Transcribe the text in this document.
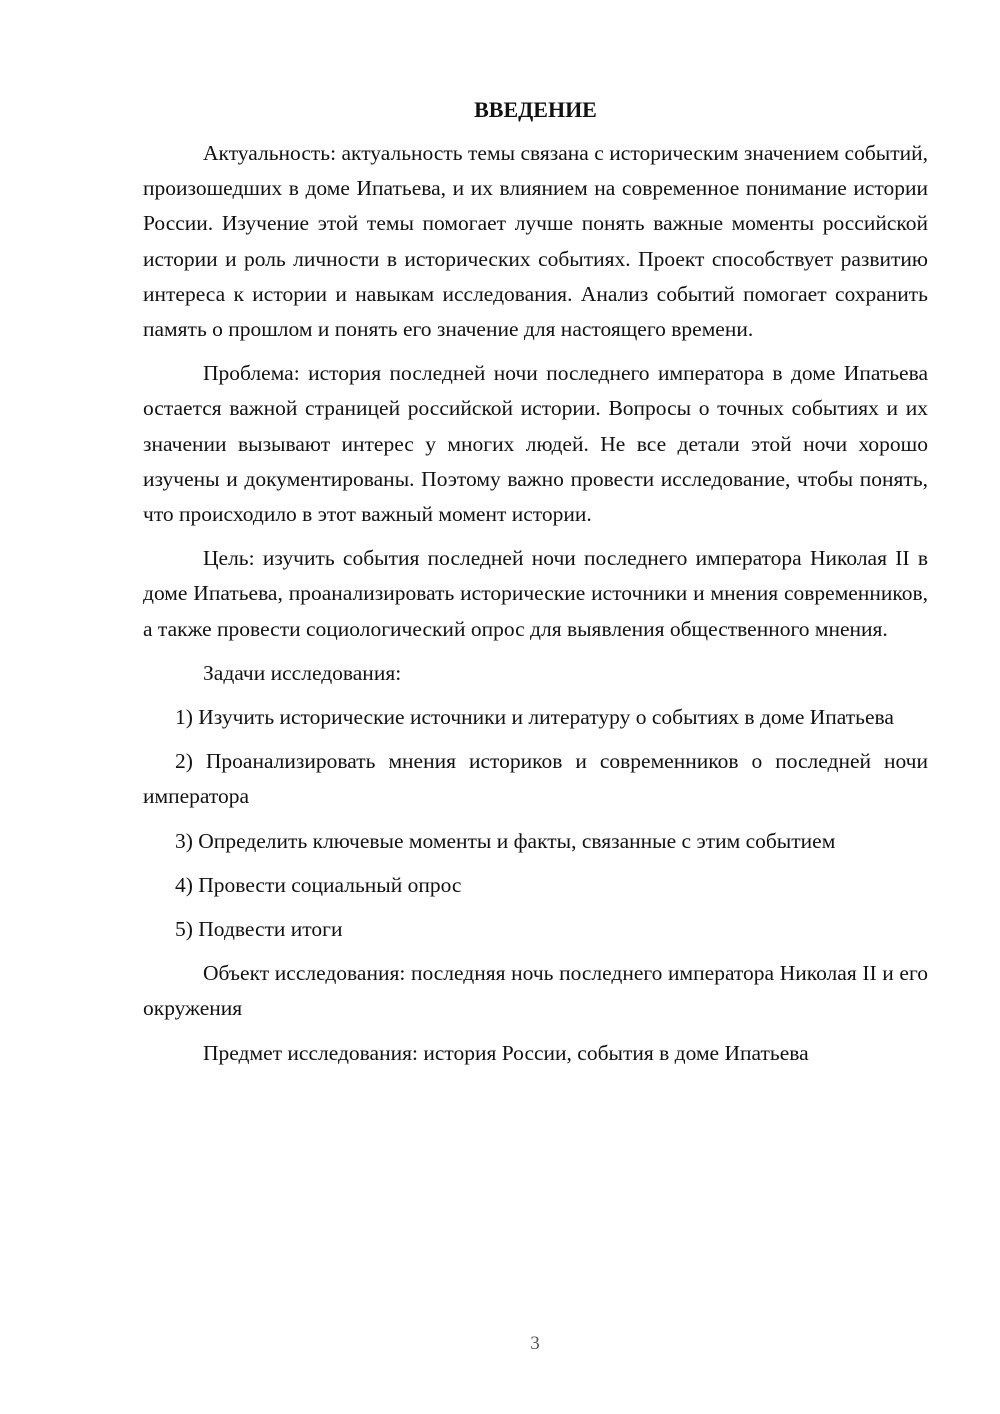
ВВЕДЕНИЕ

Актуальность: актуальность темы связана с историческим значением событий, произошедших в доме Ипатьева, и их влиянием на современное понимание истории России. Изучение этой темы помогает лучше понять важные моменты российской истории и роль личности в исторических событиях. Проект способствует развитию интереса к истории и навыкам исследования. Анализ событий помогает сохранить память о прошлом и понять его значение для настоящего времени.

Проблема: история последней ночи последнего императора в доме Ипатьева остается важной страницей российской истории. Вопросы о точных событиях и их значении вызывают интерес у многих людей. Не все детали этой ночи хорошо изучены и документированы. Поэтому важно провести исследование, чтобы понять, что происходило в этот важный момент истории.

Цель: изучить события последней ночи последнего императора Николая II в доме Ипатьева, проанализировать исторические источники и мнения современников, а также провести социологический опрос для выявления общественного мнения.

Задачи исследования:

1) Изучить исторические источники и литературу о событиях в доме Ипатьева

2) Проанализировать мнения историков и современников о последней ночи императора

3) Определить ключевые моменты и факты, связанные с этим событием

4) Провести социальный опрос

5) Подвести итоги

Объект исследования: последняя ночь последнего императора Николая II и его окружения

Предмет исследования: история России, события в доме Ипатьева

3
